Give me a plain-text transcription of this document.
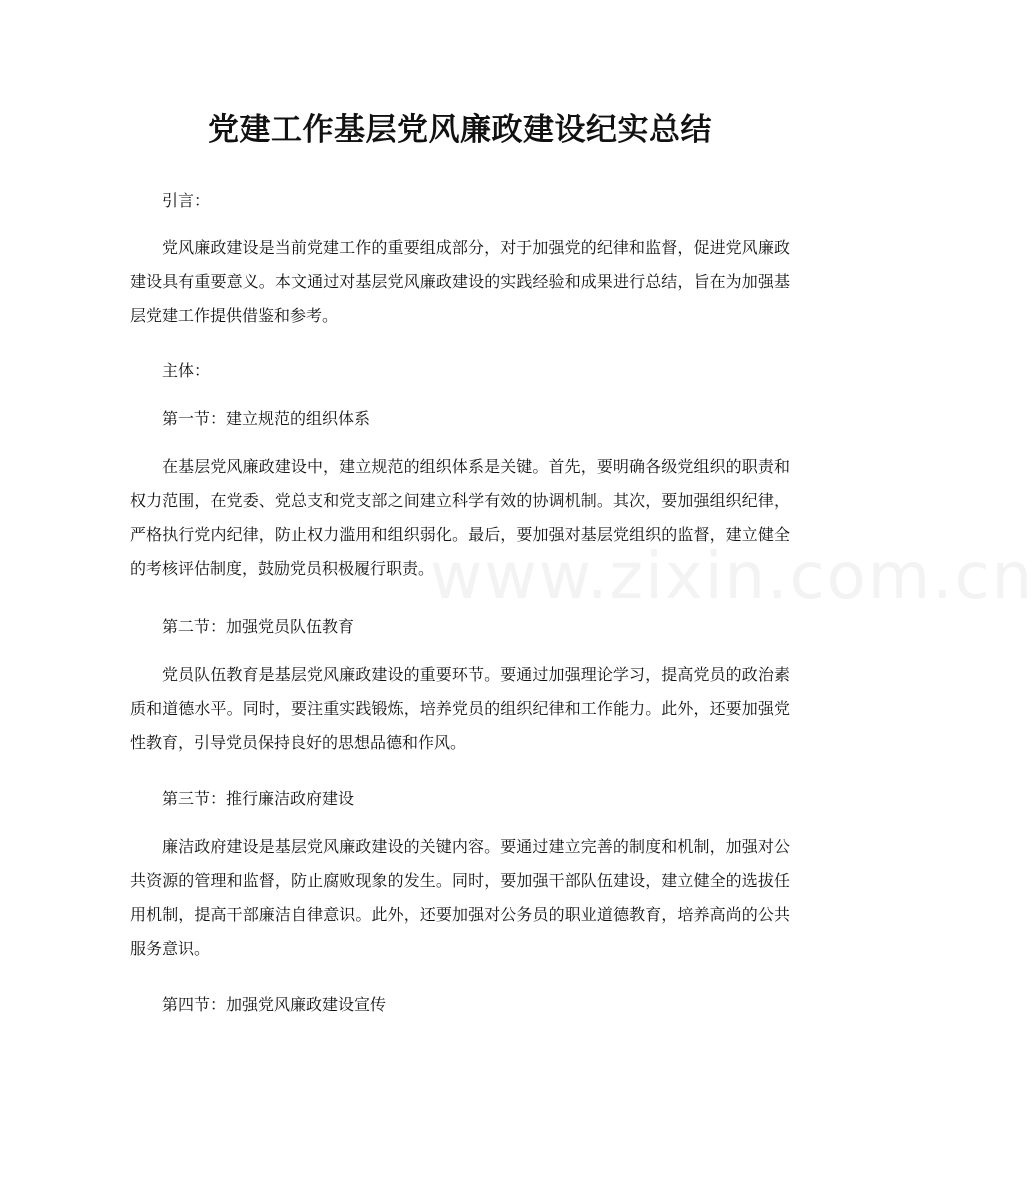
党建工作基层党风廉政建设纪实总结
www.zixin.com.cn

引言：

党风廉政建设是当前党建工作的重要组成部分，对于加强党的纪律和监督，促进党风廉政建设具有重要意义。本文通过对基层党风廉政建设的实践经验和成果进行总结，旨在为加强基层党建工作提供借鉴和参考。

主体：

第一节：建立规范的组织体系

在基层党风廉政建设中，建立规范的组织体系是关键。首先，要明确各级党组织的职责和权力范围，在党委、党总支和党支部之间建立科学有效的协调机制。其次，要加强组织纪律，严格执行党内纪律，防止权力滥用和组织弱化。最后，要加强对基层党组织的监督，建立健全的考核评估制度，鼓励党员积极履行职责。

第二节：加强党员队伍教育

党员队伍教育是基层党风廉政建设的重要环节。要通过加强理论学习，提高党员的政治素质和道德水平。同时，要注重实践锻炼，培养党员的组织纪律和工作能力。此外，还要加强党性教育，引导党员保持良好的思想品德和作风。

第三节：推行廉洁政府建设

廉洁政府建设是基层党风廉政建设的关键内容。要通过建立完善的制度和机制，加强对公共资源的管理和监督，防止腐败现象的发生。同时，要加强干部队伍建设，建立健全的选拔任用机制，提高干部廉洁自律意识。此外，还要加强对公务员的职业道德教育，培养高尚的公共服务意识。

第四节：加强党风廉政建设宣传
